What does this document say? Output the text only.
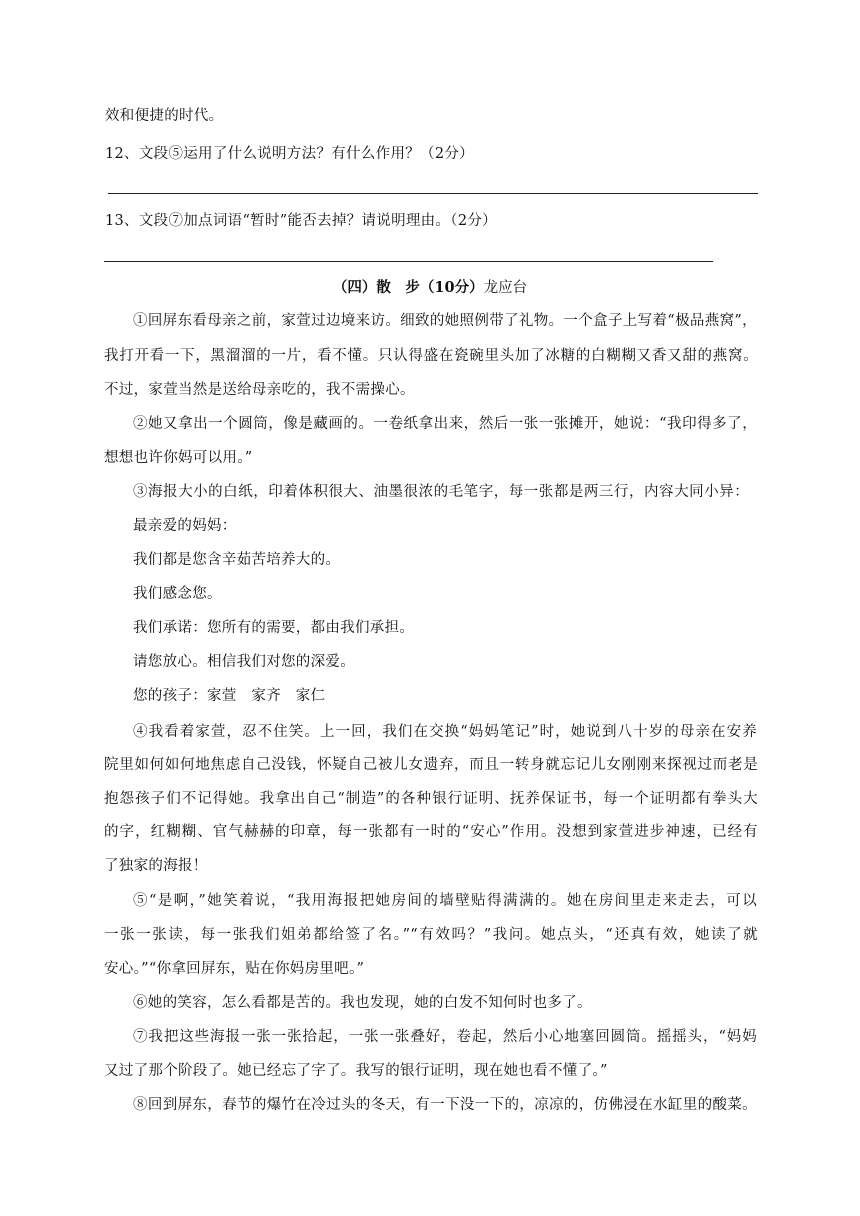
效和便捷的时代。
12、文段⑤运用了什么说明方法？有什么作用？（2分）
13、文段⑦加点词语“暂时”能否去掉？请说明理由。（2分）
（四）散　步（10分）龙应台
①回屏东看母亲之前，家萱过边境来访。细致的她照例带了礼物。一个盒子上写着“极品燕窝”，
我打开看一下，黑溜溜的一片，看不懂。只认得盛在瓷碗里头加了冰糖的白糊糊又香又甜的燕窝。
不过，家萱当然是送给母亲吃的，我不需操心。
②她又拿出一个圆筒，像是藏画的。一卷纸拿出来，然后一张一张摊开，她说：“我印得多了，
想想也许你妈可以用。”
③海报大小的白纸，印着体积很大、油墨很浓的毛笔字，每一张都是两三行，内容大同小异：
最亲爱的妈妈：
我们都是您含辛茹苦培养大的。
我们感念您。
我们承诺：您所有的需要，都由我们承担。
请您放心。相信我们对您的深爱。
您的孩子：家萱　家齐　家仁
④我看着家萱，忍不住笑。上一回，我们在交换“妈妈笔记”时，她说到八十岁的母亲在安养
院里如何如何地焦虑自己没钱，怀疑自己被儿女遗弃，而且一转身就忘记儿女刚刚来探视过而老是
抱怨孩子们不记得她。我拿出自己“制造”的各种银行证明、抚养保证书，每一个证明都有拳头大
的字，红糊糊、官气赫赫的印章，每一张都有一时的“安心”作用。没想到家萱进步神速，已经有
了独家的海报！
⑤“是啊，”她笑着说，“我用海报把她房间的墙壁贴得满满的。她在房间里走来走去，可以
一张一张读，每一张我们姐弟都给签了名。”“有效吗？”我问。她点头，“还真有效，她读了就
安心。”“你拿回屏东，贴在你妈房里吧。”
⑥她的笑容，怎么看都是苦的。我也发现，她的白发不知何时也多了。
⑦我把这些海报一张一张拾起，一张一张叠好，卷起，然后小心地塞回圆筒。摇摇头，“妈妈
又过了那个阶段了。她已经忘了字了。我写的银行证明，现在她也看不懂了。”
⑧回到屏东，春节的爆竹在冷过头的冬天，有一下没一下的，凉凉的，仿佛浸在水缸里的酸菜。
